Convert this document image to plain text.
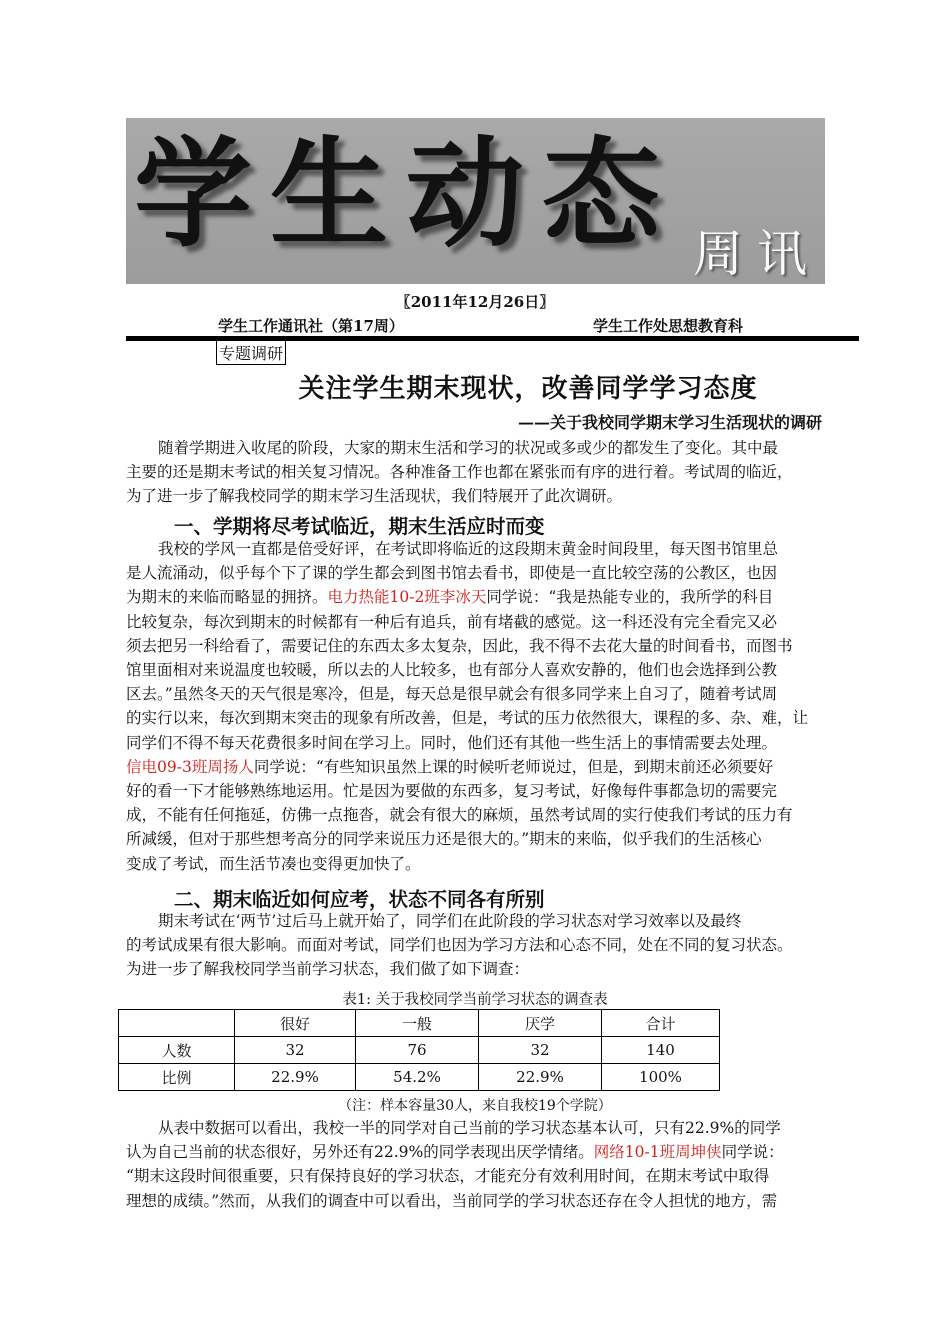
学生动态 周讯
〖2011年12月26日〗
学生工作通讯社（第17周）	学生工作处思想教育科
专题调研
关注学生期末现状，改善同学学习态度
——关于我校同学期末学习生活现状的调研

随着学期进入收尾的阶段，大家的期末生活和学习的状况或多或少的都发生了变化。其中最
主要的还是期末考试的相关复习情况。各种准备工作也都在紧张而有序的进行着。考试周的临近，
为了进一步了解我校同学的期末学习生活现状，我们特展开了此次调研。

一、学期将尽考试临近，期末生活应时而变

我校的学风一直都是倍受好评，在考试即将临近的这段期末黄金时间段里，每天图书馆里总
是人流涌动，似乎每个下了课的学生都会到图书馆去看书，即使是一直比较空荡的公教区，也因
为期末的来临而略显的拥挤。电力热能10-2班李冰天同学说：“我是热能专业的，我所学的科目
比较复杂，每次到期末的时候都有一种后有追兵，前有堵截的感觉。这一科还没有完全看完又必
须去把另一科给看了，需要记住的东西太多太复杂，因此，我不得不去花大量的时间看书，而图书
馆里面相对来说温度也较暖，所以去的人比较多，也有部分人喜欢安静的，他们也会选择到公教
区去。”虽然冬天的天气很是寒冷，但是，每天总是很早就会有很多同学来上自习了，随着考试周
的实行以来，每次到期末突击的现象有所改善，但是，考试的压力依然很大，课程的多、杂、难，让
同学们不得不每天花费很多时间在学习上。同时，他们还有其他一些生活上的事情需要去处理。
信电09-3班周扬人同学说：“有些知识虽然上课的时候听老师说过，但是，到期末前还必须要好
好的看一下才能够熟练地运用。忙是因为要做的东西多，复习考试，好像每件事都急切的需要完
成，不能有任何拖延，仿佛一点拖沓，就会有很大的麻烦，虽然考试周的实行使我们考试的压力有
所减缓，但对于那些想考高分的同学来说压力还是很大的。”期末的来临，似乎我们的生活核心
变成了考试，而生活节凑也变得更加快了。

二、期末临近如何应考，状态不同各有所别

期末考试在‘两节’过后马上就开始了，同学们在此阶段的学习状态对学习效率以及最终
的考试成果有很大影响。而面对考试，同学们也因为学习方法和心态不同，处在不同的复习状态。
为进一步了解我校同学当前学习状态，我们做了如下调查：

表1: 关于我校同学当前学习状态的调查表
	很好	一般	厌学	合计
人数	32	76	32	140
比例	22.9%	54.2%	22.9%	100%
（注：样本容量30人，来自我校19个学院）

从表中数据可以看出，我校一半的同学对自己当前的学习状态基本认可，只有22.9%的同学
认为自己当前的状态很好，另外还有22.9%的同学表现出厌学情绪。网络10-1班周坤侠同学说：
“期末这段时间很重要，只有保持良好的学习状态，才能充分有效利用时间，在期末考试中取得
理想的成绩。”然而，从我们的调查中可以看出，当前同学的学习状态还存在令人担忧的地方，需
